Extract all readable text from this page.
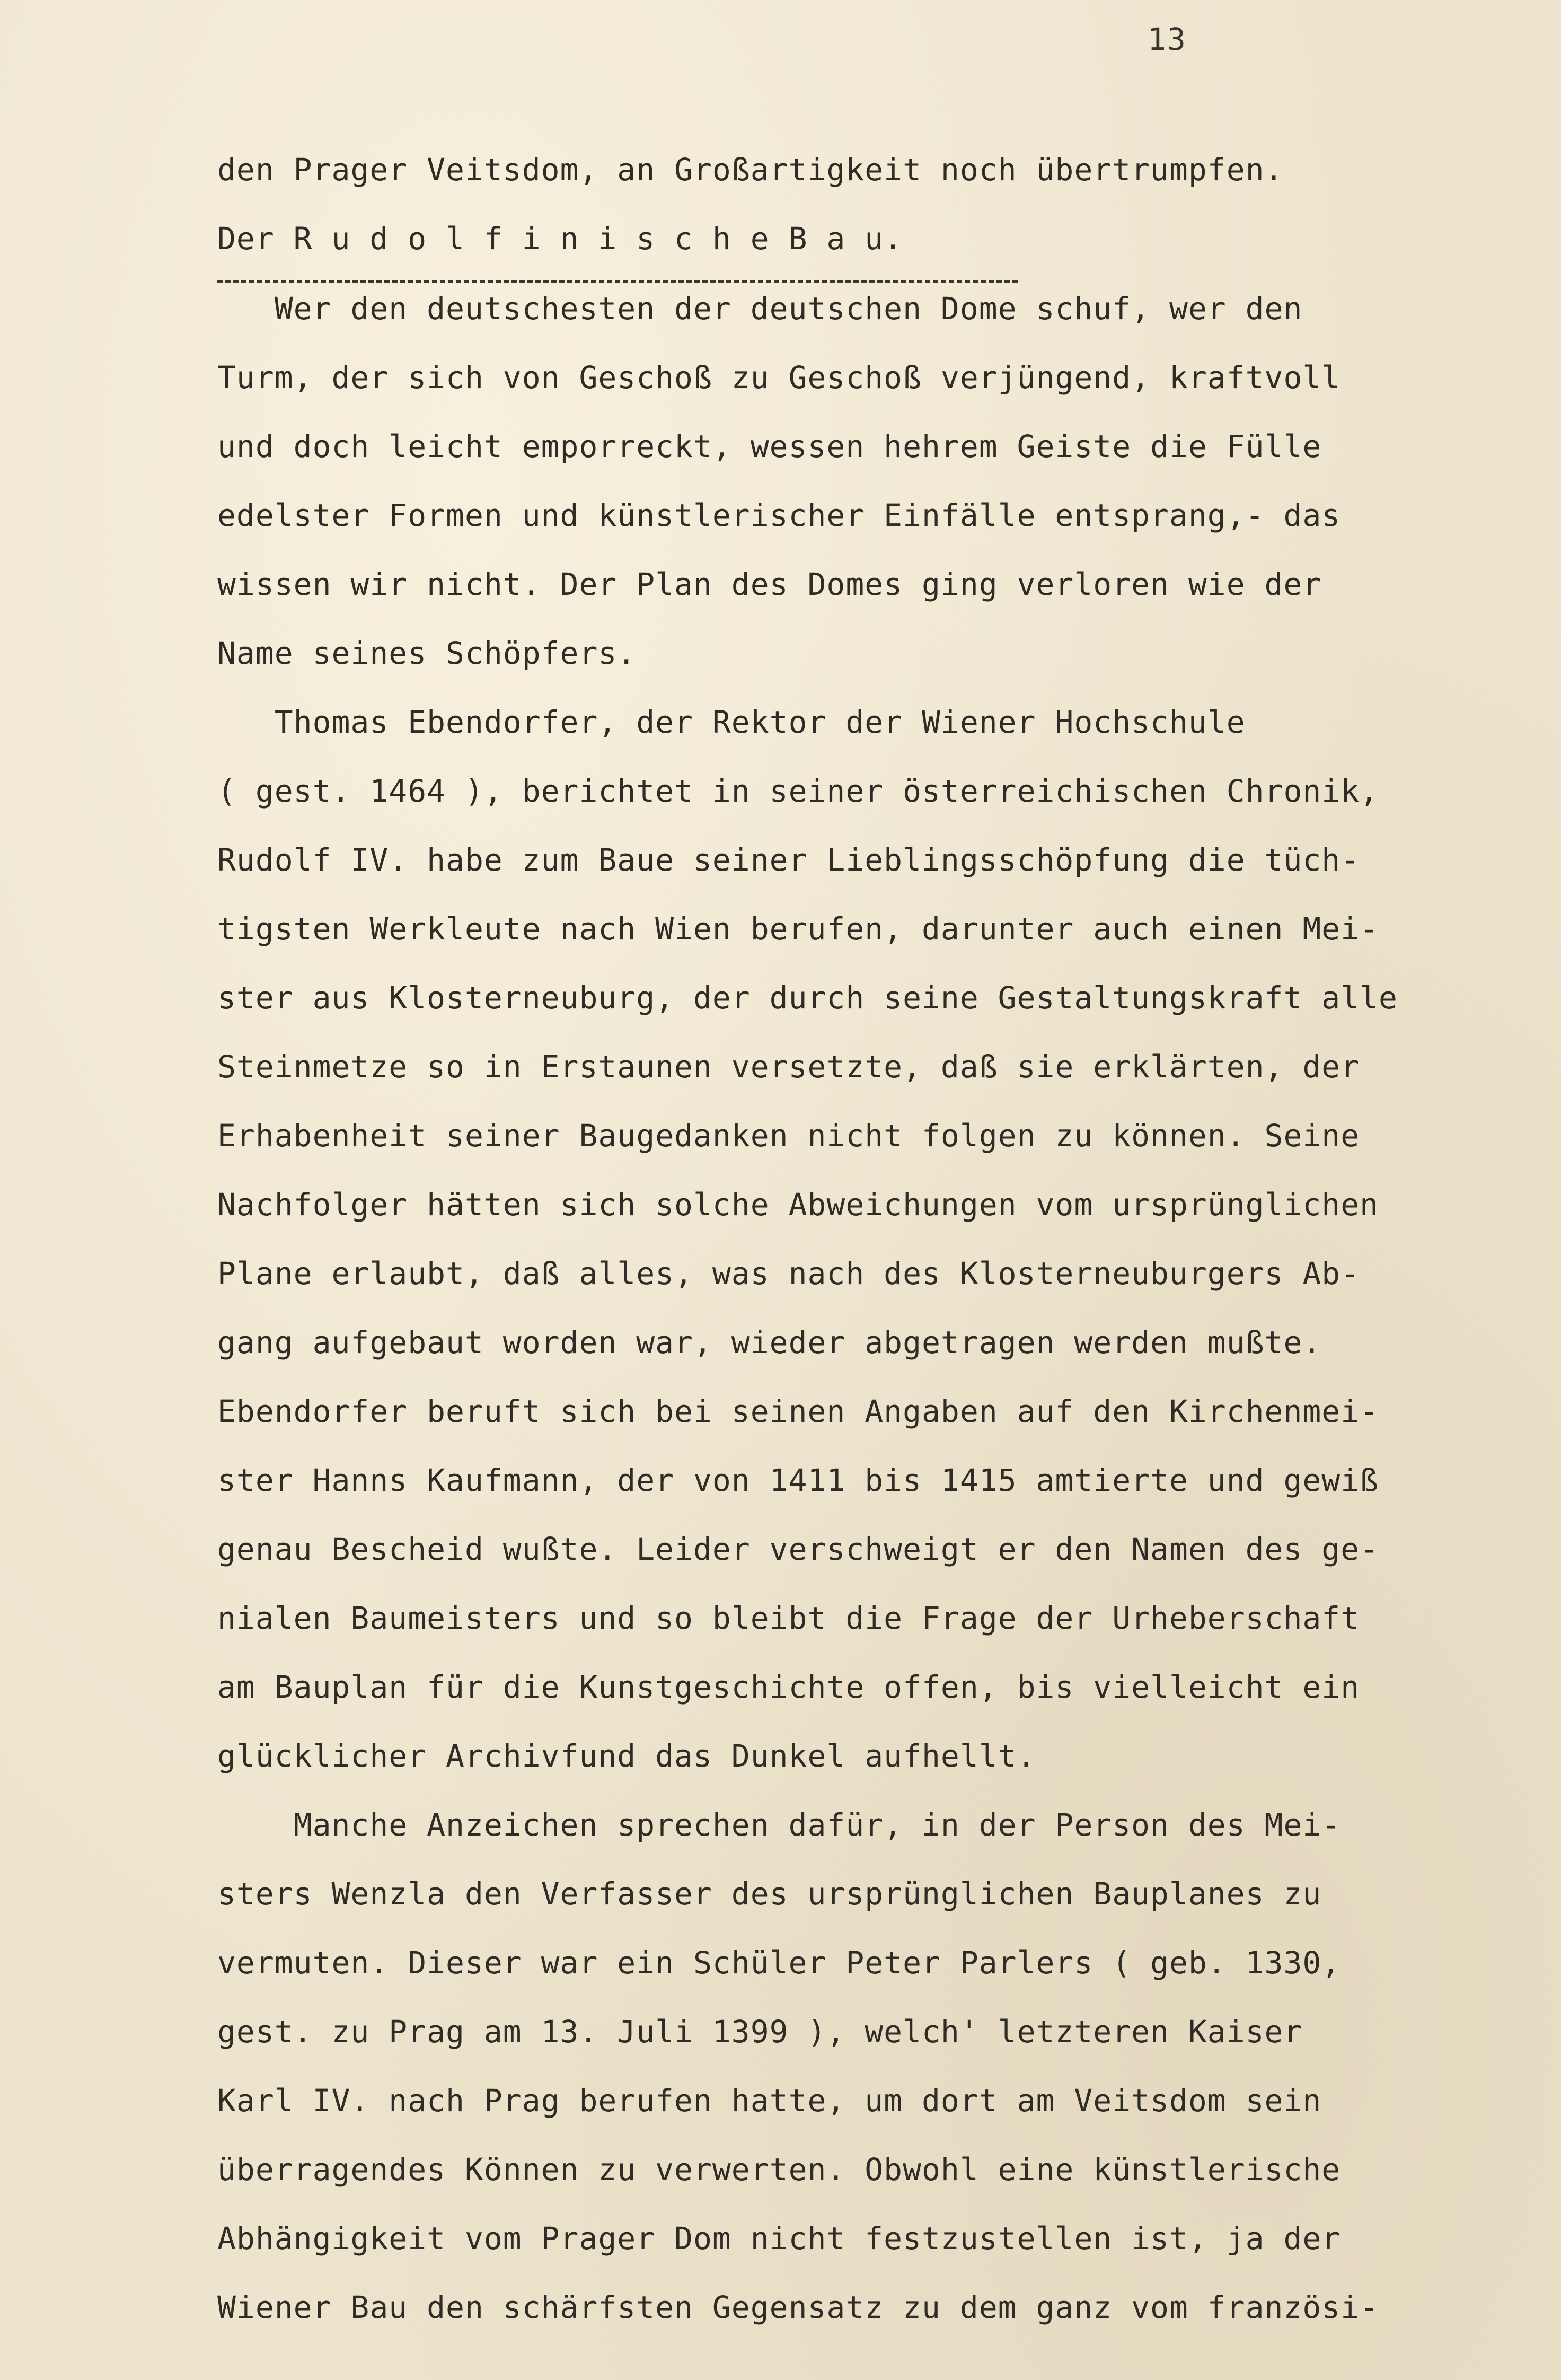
13
den Prager Veitsdom, an Großartigkeit noch übertrumpfen.
Der R u d o l f i n i s c h e B a u.
Wer den deutschesten der deutschen Dome schuf, wer den
Turm, der sich von Geschoß zu Geschoß verjüngend, kraftvoll
und doch leicht emporreckt, wessen hehrem Geiste die Fülle
edelster Formen und künstlerischer Einfälle entsprang,- das
wissen wir nicht. Der Plan des Domes ging verloren wie der
Name seines Schöpfers.
Thomas Ebendorfer, der Rektor der Wiener Hochschule
( gest. 1464 ), berichtet in seiner österreichischen Chronik,
Rudolf IV. habe zum Baue seiner Lieblingsschöpfung die tüch-
tigsten Werkleute nach Wien berufen, darunter auch einen Mei-
ster aus Klosterneuburg, der durch seine Gestaltungskraft alle
Steinmetze so in Erstaunen versetzte, daß sie erklärten, der
Erhabenheit seiner Baugedanken nicht folgen zu können. Seine
Nachfolger hätten sich solche Abweichungen vom ursprünglichen
Plane erlaubt, daß alles, was nach des Klosterneuburgers Ab-
gang aufgebaut worden war, wieder abgetragen werden mußte.
Ebendorfer beruft sich bei seinen Angaben auf den Kirchenmei-
ster Hanns Kaufmann, der von 1411 bis 1415 amtierte und gewiß
genau Bescheid wußte. Leider verschweigt er den Namen des ge-
nialen Baumeisters und so bleibt die Frage der Urheberschaft
am Bauplan für die Kunstgeschichte offen, bis vielleicht ein
glücklicher Archivfund das Dunkel aufhellt.
Manche Anzeichen sprechen dafür, in der Person des Mei-
sters Wenzla den Verfasser des ursprünglichen Bauplanes zu
vermuten. Dieser war ein Schüler Peter Parlers ( geb. 1330,
gest. zu Prag am 13. Juli 1399 ), welch' letzteren Kaiser
Karl IV. nach Prag berufen hatte, um dort am Veitsdom sein
überragendes Können zu verwerten. Obwohl eine künstlerische
Abhängigkeit vom Prager Dom nicht festzustellen ist, ja der
Wiener Bau den schärfsten Gegensatz zu dem ganz vom französi-
